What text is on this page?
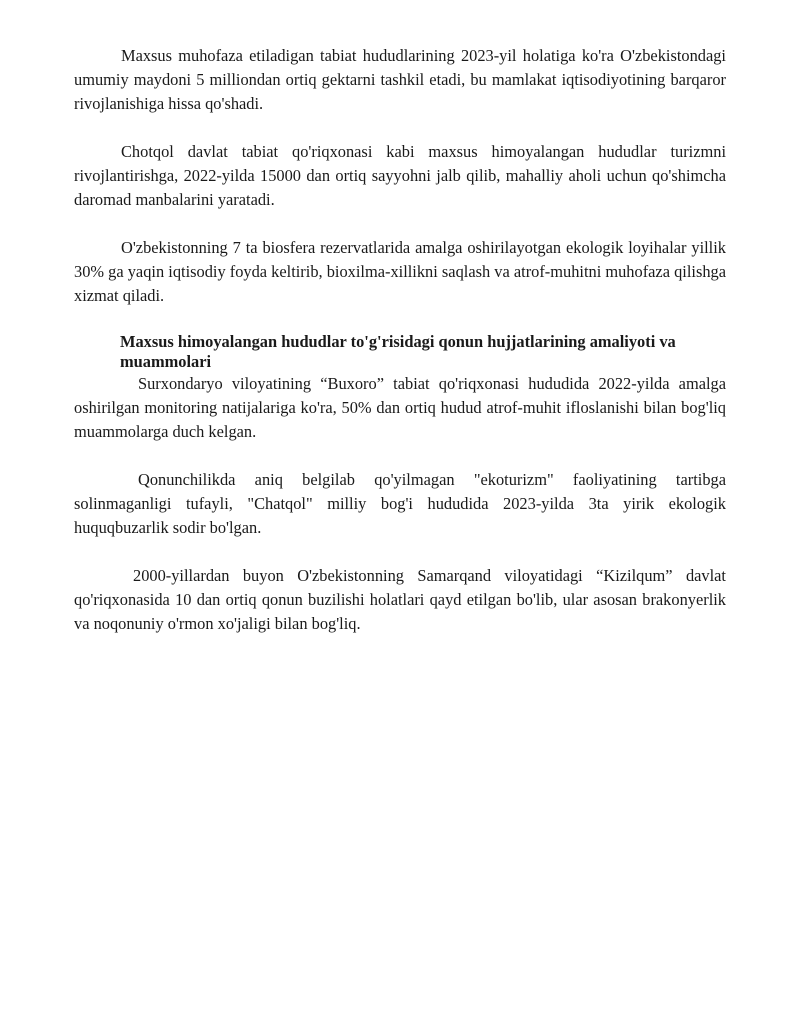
Maxsus muhofaza etiladigan tabiat hududlarining 2023-yil holatiga ko'ra O'zbekistondagi umumiy maydoni 5 milliondan ortiq gektarni tashkil etadi, bu mamlakat iqtisodiyotining barqaror rivojlanishiga hissa qo'shadi.

Chotqol davlat tabiat qo'riqxonasi kabi maxsus himoyalangan hududlar turizmni rivojlantirishga, 2022-yilda 15000 dan ortiq sayyohni jalb qilib, mahalliy aholi uchun qo'shimcha daromad manbalarini yaratadi.

O'zbekistonning 7 ta biosfera rezervatlarida amalga oshirilayotgan ekologik loyihalar yillik 30% ga yaqin iqtisodiy foyda keltirib, bioxilma-xillikni saqlash va atrof-muhitni muhofaza qilishga xizmat qiladi.

Maxsus himoyalangan hududlar to'g'risidagi qonun hujjatlarining amaliyoti va muammolari

Surxondaryo viloyatining “Buxoro” tabiat qo'riqxonasi hududida 2022-yilda amalga oshirilgan monitoring natijalariga ko'ra, 50% dan ortiq hudud atrof-muhit ifloslanishi bilan bog'liq muammolarga duch kelgan.

Qonunchilikda aniq belgilab qo'yilmagan "ekoturizm" faoliyatining tartibga solinmaganligi tufayli, "Chatqol" milliy bog'i hududida 2023-yilda 3ta yirik ekologik huquqbuzarlik sodir bo'lgan.

2000-yillardan buyon O'zbekistonning Samarqand viloyatidagi “Kizilqum” davlat qo'riqxonasida 10 dan ortiq qonun buzilishi holatlari qayd etilgan bo'lib, ular asosan brakonyerlik va noqonuniy o'rmon xo'jaligi bilan bog'liq.
